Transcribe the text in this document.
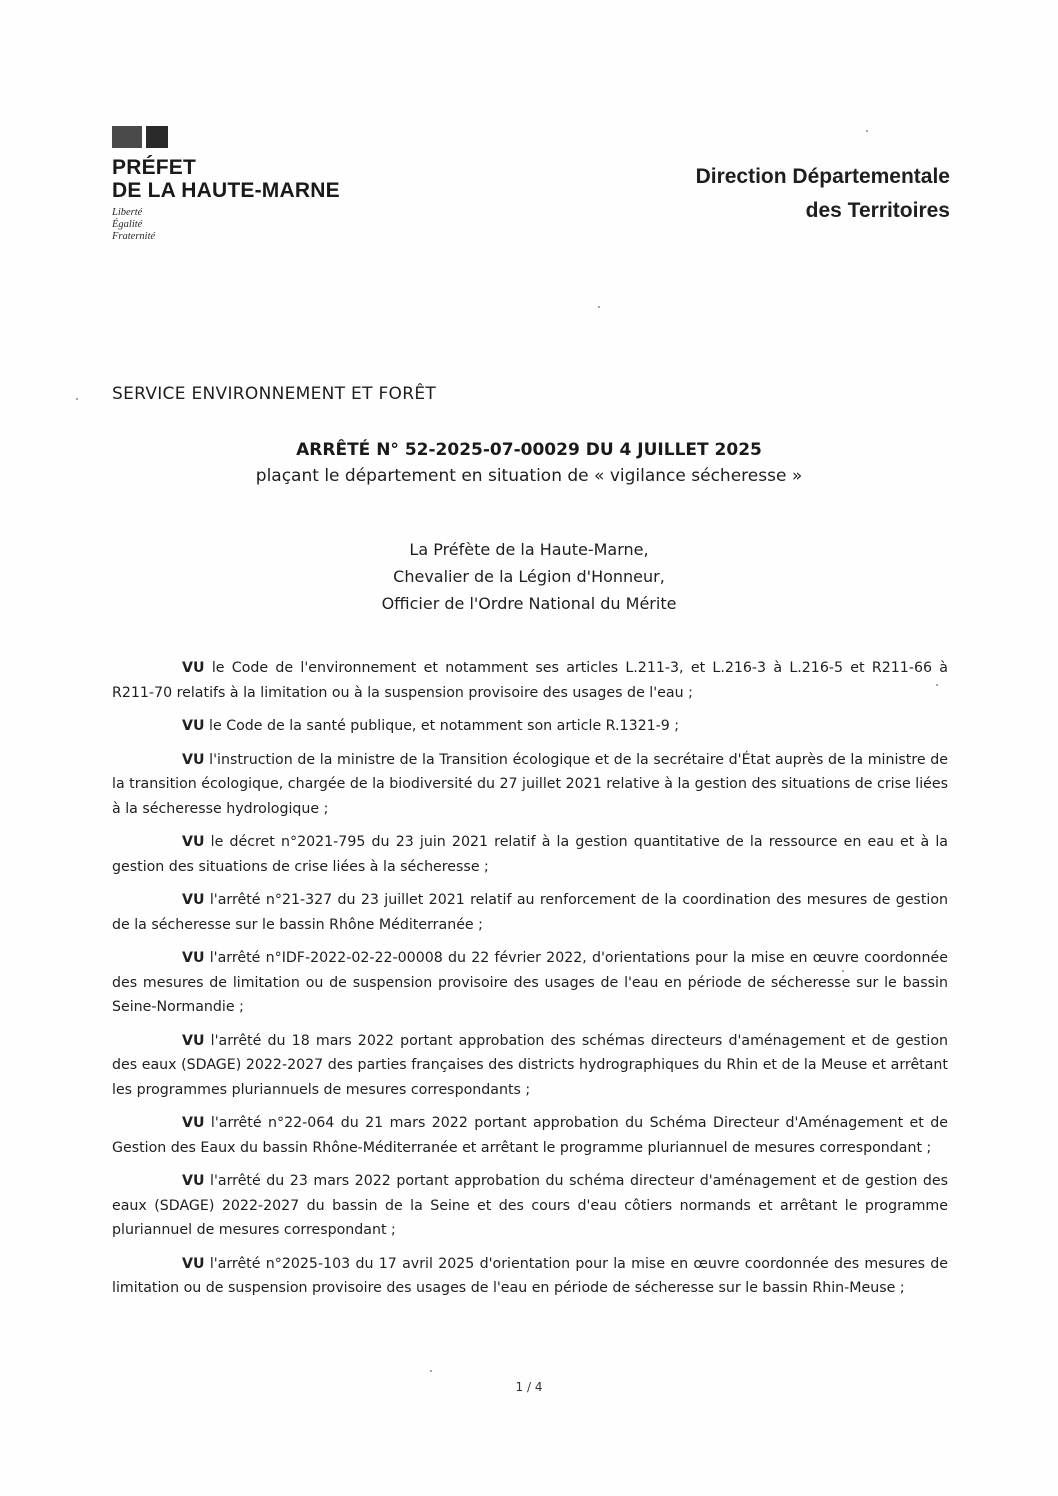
PRÉFET
DE LA HAUTE-MARNE
Liberté
Égalité
Fraternité
Direction Départementale
des Territoires
SERVICE ENVIRONNEMENT ET FORÊT
ARRÊTÉ N° 52-2025-07-00029 DU 4 JUILLET 2025
plaçant le département en situation de « vigilance sécheresse »
La Préfète de la Haute-Marne,
Chevalier de la Légion d'Honneur,
Officier de l'Ordre National du Mérite

VU le Code de l'environnement et notamment ses articles L.211-3, et L.216-3 à L.216-5 et R211-66 à R211-70 relatifs à la limitation ou à la suspension provisoire des usages de l'eau ;

VU le Code de la santé publique, et notamment son article R.1321-9 ;

VU l'instruction de la ministre de la Transition écologique et de la secrétaire d'État auprès de la ministre de la transition écologique, chargée de la biodiversité du 27 juillet 2021 relative à la gestion des situations de crise liées à la sécheresse hydrologique ;

VU le décret n°2021-795 du 23 juin 2021 relatif à la gestion quantitative de la ressource en eau et à la gestion des situations de crise liées à la sécheresse ;

VU l'arrêté n°21-327 du 23 juillet 2021 relatif au renforcement de la coordination des mesures de gestion de la sécheresse sur le bassin Rhône Méditerranée ;

VU l'arrêté n°IDF-2022-02-22-00008 du 22 février 2022, d'orientations pour la mise en œuvre coordonnée des mesures de limitation ou de suspension provisoire des usages de l'eau en période de sécheresse sur le bassin Seine-Normandie ;

VU l'arrêté du 18 mars 2022 portant approbation des schémas directeurs d'aménagement et de gestion des eaux (SDAGE) 2022-2027 des parties françaises des districts hydrographiques du Rhin et de la Meuse et arrêtant les programmes pluriannuels de mesures correspondants ;

VU l'arrêté n°22-064 du 21 mars 2022 portant approbation du Schéma Directeur d'Aménagement et de Gestion des Eaux du bassin Rhône-Méditerranée et arrêtant le programme pluriannuel de mesures correspondant ;

VU l'arrêté du 23 mars 2022 portant approbation du schéma directeur d'aménagement et de gestion des eaux (SDAGE) 2022-2027 du bassin de la Seine et des cours d'eau côtiers normands et arrêtant le programme pluriannuel de mesures correspondant ;

VU l'arrêté n°2025-103 du 17 avril 2025 d'orientation pour la mise en œuvre coordonnée des mesures de limitation ou de suspension provisoire des usages de l'eau en période de sécheresse sur le bassin Rhin-Meuse ;

1 / 4
